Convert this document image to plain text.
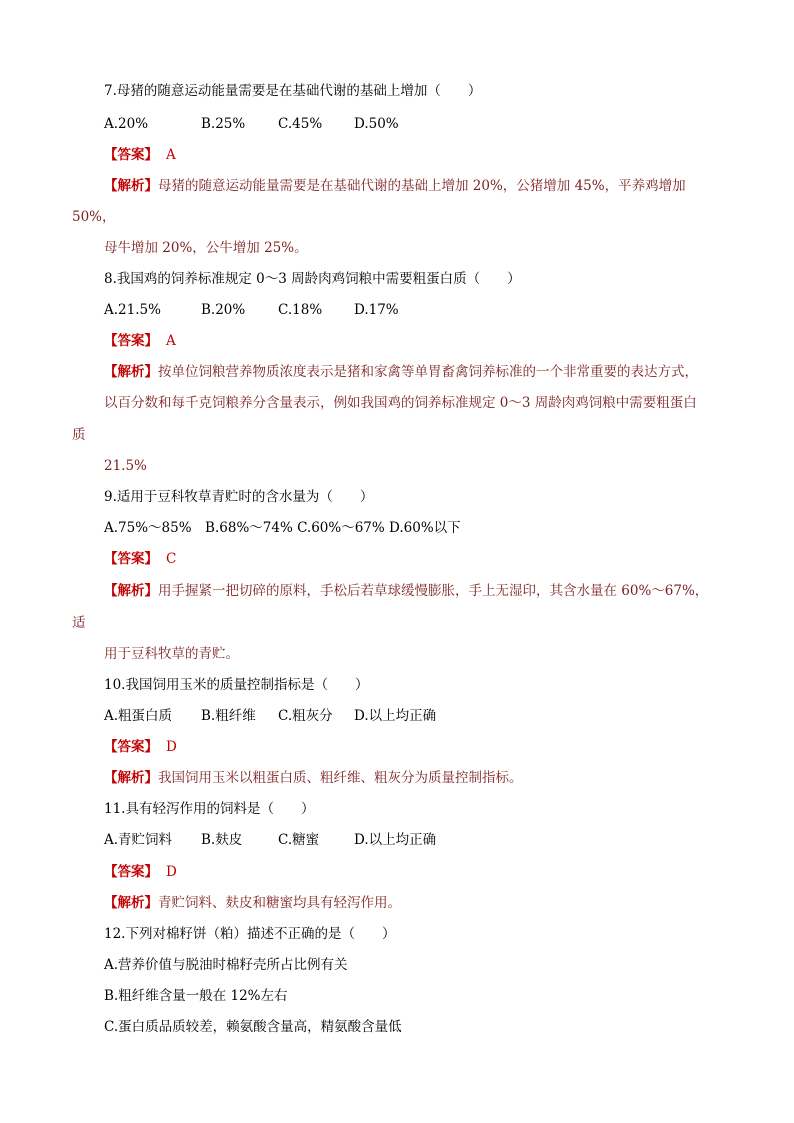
7.母猪的随意运动能量需要是在基础代谢的基础上增加（　　）
A.20%	B.25% C.45% D.50%
【答案】 A
【解析】母猪的随意运动能量需要是在基础代谢的基础上增加 20%，公猪增加 45%，平养鸡增加
50%，
母牛增加 20%，公牛增加 25%。
8.我国鸡的饲养标准规定 0～3 周龄肉鸡饲粮中需要粗蛋白质（　　）
A.21.5%	B.20% C.18% D.17%
【答案】 A
【解析】按单位饲粮营养物质浓度表示是猪和家禽等单胃畜禽饲养标准的一个非常重要的表达方式，
以百分数和每千克饲粮养分含量表示，例如我国鸡的饲养标准规定 0～3 周龄肉鸡饲粮中需要粗蛋白
质
21.5%
9.适用于豆科牧草青贮时的含水量为（　　）
A.75%～85%　B.68%～74% C.60%～67% D.60%以下
【答案】 C
【解析】用手握紧一把切碎的原料，手松后若草球缓慢膨胀，手上无湿印，其含水量在 60%～67%，
适
用于豆科牧草的青贮。
10.我国饲用玉米的质量控制指标是（　　）
A.粗蛋白质 B.粗纤维 C.粗灰分 D.以上均正确
【答案】 D
【解析】我国饲用玉米以粗蛋白质、粗纤维、粗灰分为质量控制指标。
11.具有轻泻作用的饲料是（　　）
A.青贮饲料 B.麸皮	C.糖蜜	D.以上均正确
【答案】 D
【解析】青贮饲料、麸皮和糖蜜均具有轻泻作用。
12.下列对棉籽饼（粕）描述不正确的是（　　）
A.营养价值与脱油时棉籽壳所占比例有关
B.粗纤维含量一般在 12%左右
C.蛋白质品质较差，赖氨酸含量高，精氨酸含量低
